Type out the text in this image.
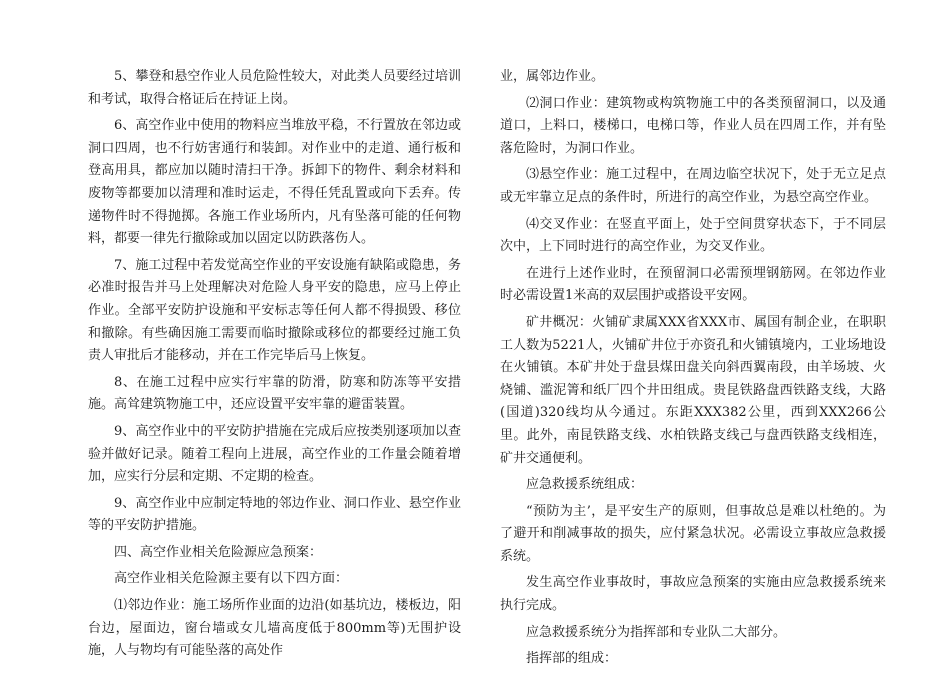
5、攀登和悬空作业人员危险性较大，对此类人员要经过培训和考试，取得合格证后在持证上岗。

6、高空作业中使用的物料应当堆放平稳，不行置放在邻边或洞口四周，也不行妨害通行和装卸。对作业中的走道、通行板和登高用具，都应加以随时清扫干净。拆卸下的物件、剩余材料和废物等都要加以清理和准时运走，不得任凭乱置或向下丢弃。传递物件时不得抛掷。各施工作业场所内，凡有坠落可能的任何物料，都要一律先行撤除或加以固定以防跌落伤人。

7、施工过程中若发觉高空作业的平安设施有缺陷或隐患，务必准时报告并马上处理解决对危险人身平安的隐患，应马上停止作业。全部平安防护设施和平安标志等任何人都不得损毁、移位和撤除。有些确因施工需要而临时撤除或移位的都要经过施工负责人审批后才能移动，并在工作完毕后马上恢复。

8、在施工过程中应实行牢靠的防滑，防寒和防冻等平安措施。高耸建筑物施工中，还应设置平安牢靠的避雷装置。

9、高空作业中的平安防护措施在完成后应按类别逐项加以查验并做好记录。随着工程向上进展，高空作业的工作量会随着增加，应实行分层和定期、不定期的检查。

9、高空作业中应制定特地的邻边作业、洞口作业、悬空作业等的平安防护措施。

四、高空作业相关危险源应急预案：

高空作业相关危险源主要有以下四方面：

⑴邻边作业：施工场所作业面的边沿(如基坑边，楼板边，阳台边，屋面边，窗台墙或女儿墙高度低于800mm等)无围护设施，人与物均有可能坠落的高处作

业，属邻边作业。

⑵洞口作业：建筑物或构筑物施工中的各类预留洞口，以及通道口，上料口，楼梯口，电梯口等，作业人员在四周工作，并有坠落危险时，为洞口作业。

⑶悬空作业：施工过程中，在周边临空状况下，处于无立足点或无牢靠立足点的条件时，所进行的高空作业，为悬空高空作业。

⑷交叉作业：在竖直平面上，处于空间贯穿状态下，于不同层次中，上下同时进行的高空作业，为交叉作业。

在进行上述作业时，在预留洞口必需预埋钢筋网。在邻边作业时必需设置1米高的双层围护或搭设平安网。

矿井概况：火铺矿隶属XXX省XXX市、属国有制企业，在职职工人数为5221人，火铺矿井位于亦资孔和火铺镇境内，工业场地设在火铺镇。本矿井处于盘县煤田盘关向斜西翼南段，由羊场坡、火烧铺、滥泥箐和纸厂四个井田组成。贵昆铁路盘西铁路支线，大路(国道)320线均从今通过。东距XXX382公里，西到XXX266公里。此外，南昆铁路支线、水柏铁路支线己与盘西铁路支线相连，矿井交通便利。

应急救援系统组成：

“预防为主’，是平安生产的原则，但事故总是难以杜绝的。为了避开和削减事故的损失，应付紧急状况。必需设立事故应急救援系统。

发生高空作业事故时，事故应急预案的实施由应急救援系统来执行完成。

应急救援系统分为指挥部和专业队二大部分。

指挥部的组成：
